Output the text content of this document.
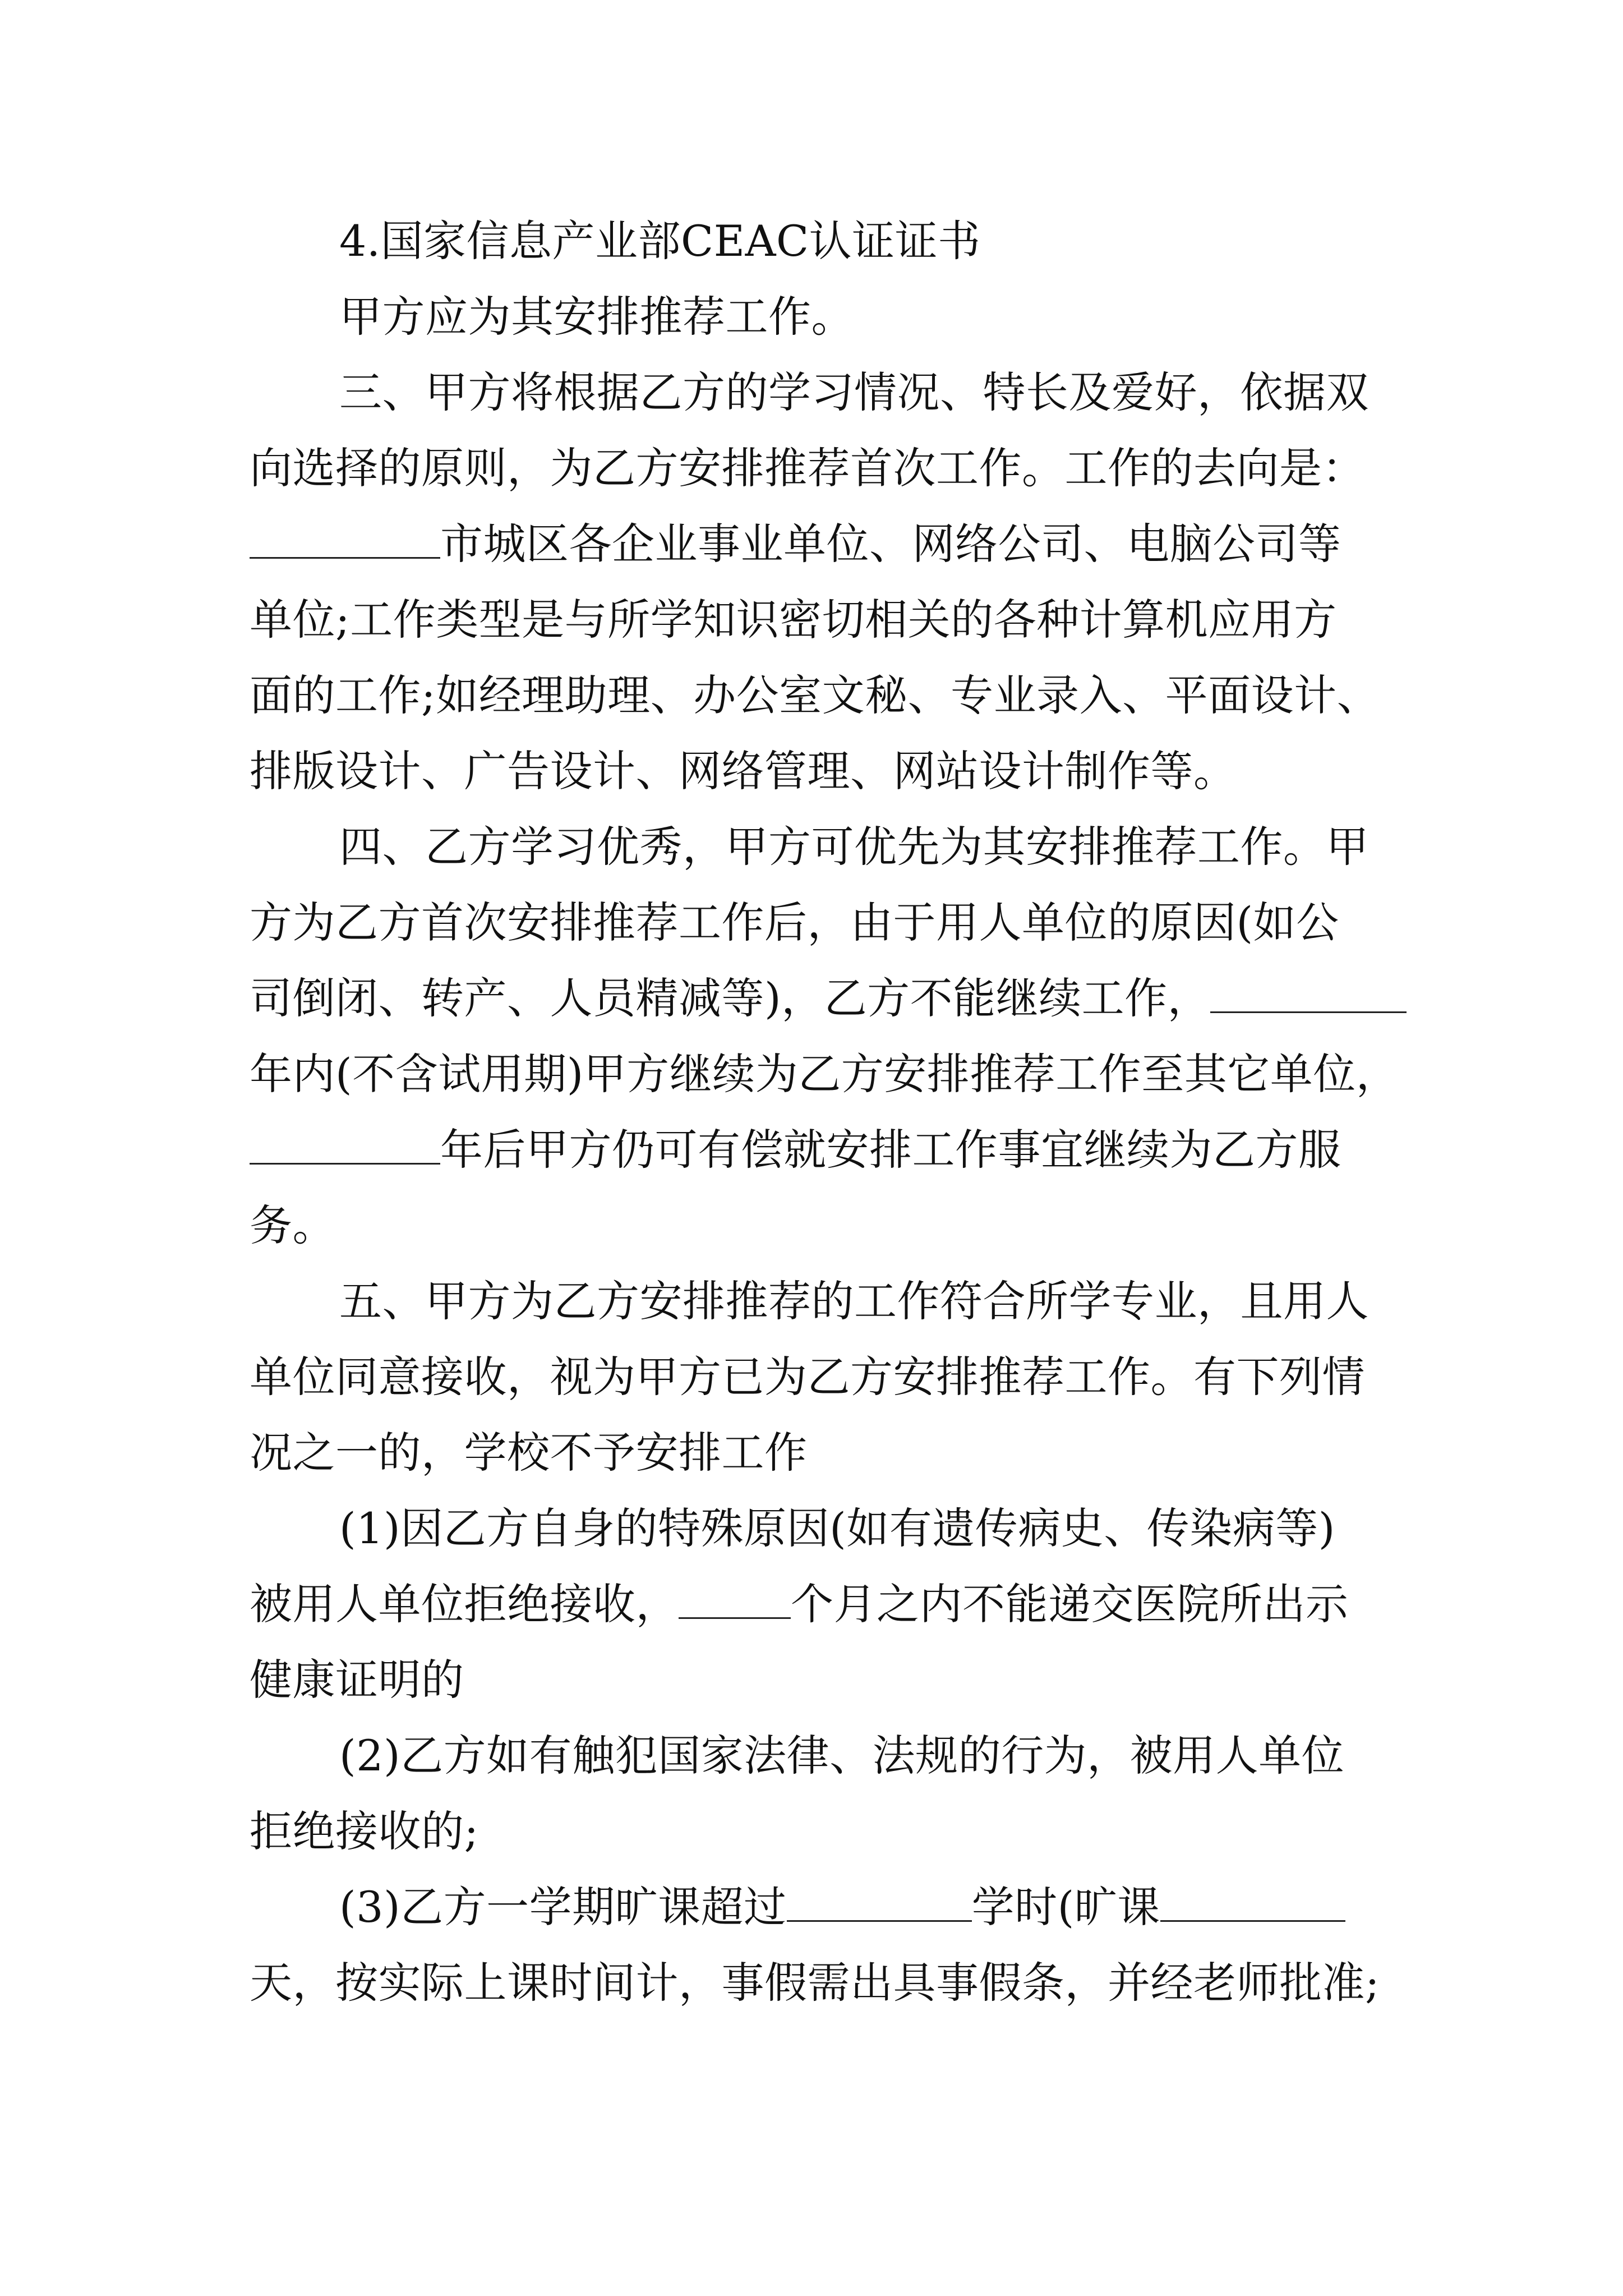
4.国家信息产业部CEAC认证证书
甲方应为其安排推荐工作。
三、甲方将根据乙方的学习情况、特长及爱好，依据双
向选择的原则，为乙方安排推荐首次工作。工作的去向是：
市城区各企业事业单位、网络公司、电脑公司等
单位;工作类型是与所学知识密切相关的各种计算机应用方
面的工作;如经理助理、办公室文秘、专业录入、平面设计、
排版设计、广告设计、网络管理、网站设计制作等。
四、乙方学习优秀，甲方可优先为其安排推荐工作。甲
方为乙方首次安排推荐工作后，由于用人单位的原因(如公
司倒闭、转产、人员精减等)，乙方不能继续工作，
年内(不含试用期)甲方继续为乙方安排推荐工作至其它单位，
年后甲方仍可有偿就安排工作事宜继续为乙方服
务。
五、甲方为乙方安排推荐的工作符合所学专业，且用人
单位同意接收，视为甲方已为乙方安排推荐工作。有下列情
况之一的，学校不予安排工作
(1)因乙方自身的特殊原因(如有遗传病史、传染病等)
被用人单位拒绝接收，	个月之内不能递交医院所出示
健康证明的
(2)乙方如有触犯国家法律、法规的行为，被用人单位
拒绝接收的;
(3)乙方一学期旷课超过	学时(旷课
天，按实际上课时间计，事假需出具事假条，并经老师批准;
